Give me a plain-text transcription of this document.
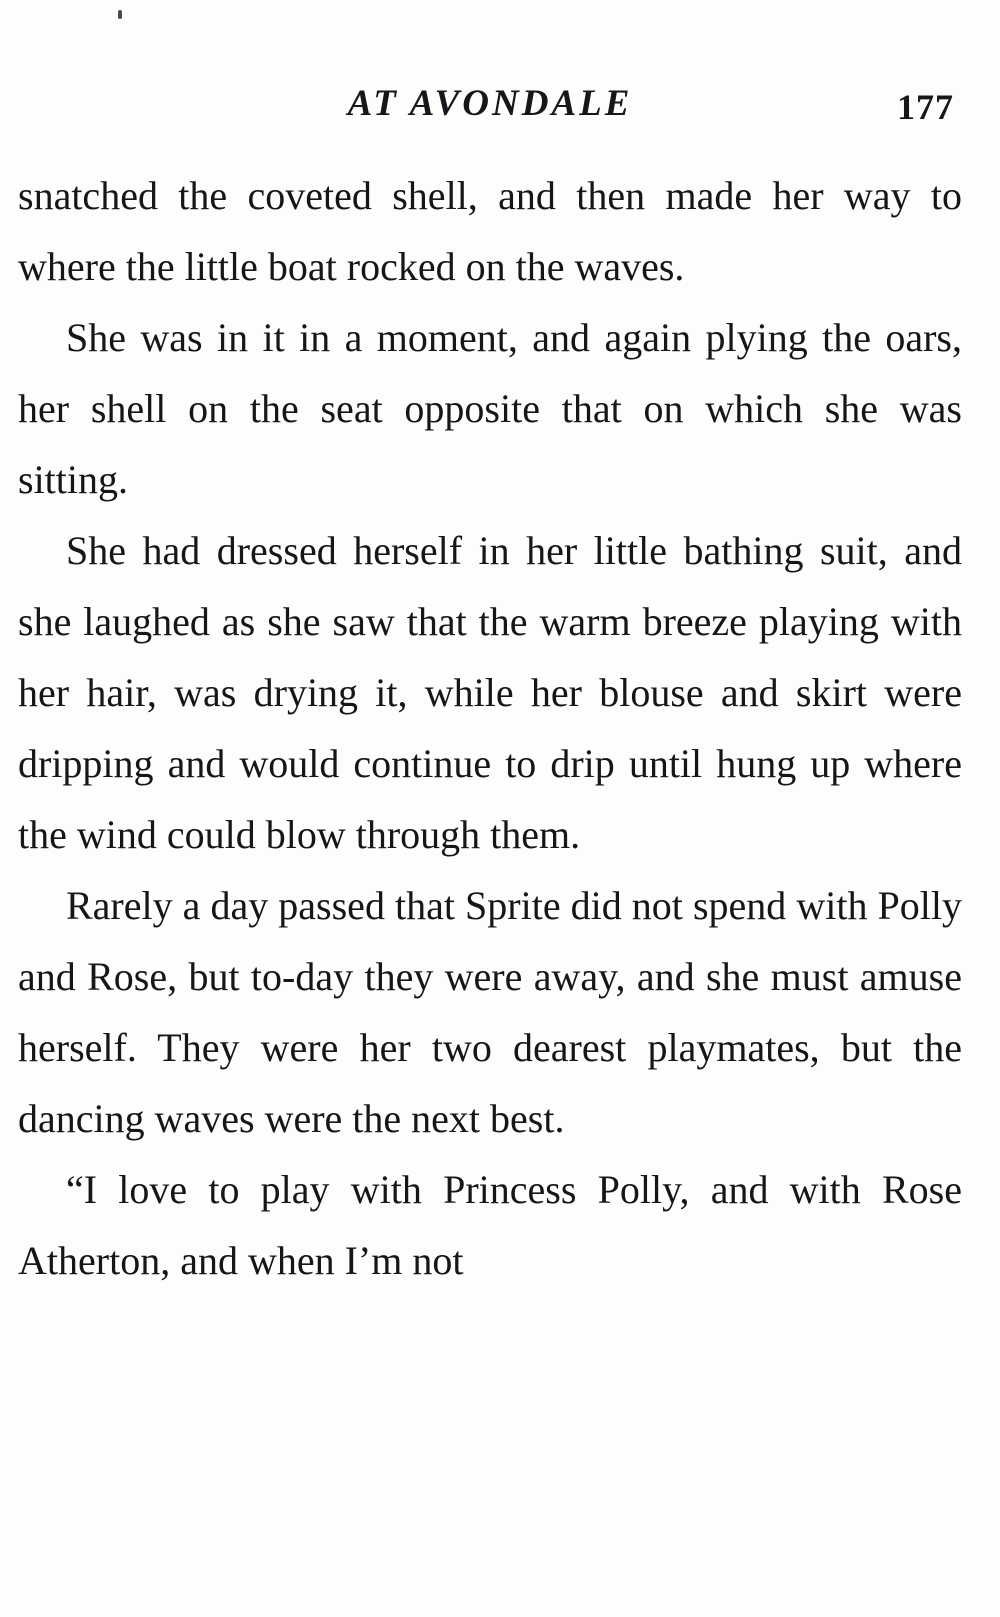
AT AVONDALE	177

snatched the coveted shell, and then made her way to where the little boat rocked on the waves.

She was in it in a moment, and again plying the oars, her shell on the seat opposite that on which she was sitting.

She had dressed herself in her little bathing suit, and she laughed as she saw that the warm breeze playing with her hair, was drying it, while her blouse and skirt were dripping and would continue to drip until hung up where the wind could blow through them.

Rarely a day passed that Sprite did not spend with Polly and Rose, but to-day they were away, and she must amuse herself. They were her two dearest playmates, but the dancing waves were the next best.

“I love to play with Princess Polly, and with Rose Atherton, and when I’m not
